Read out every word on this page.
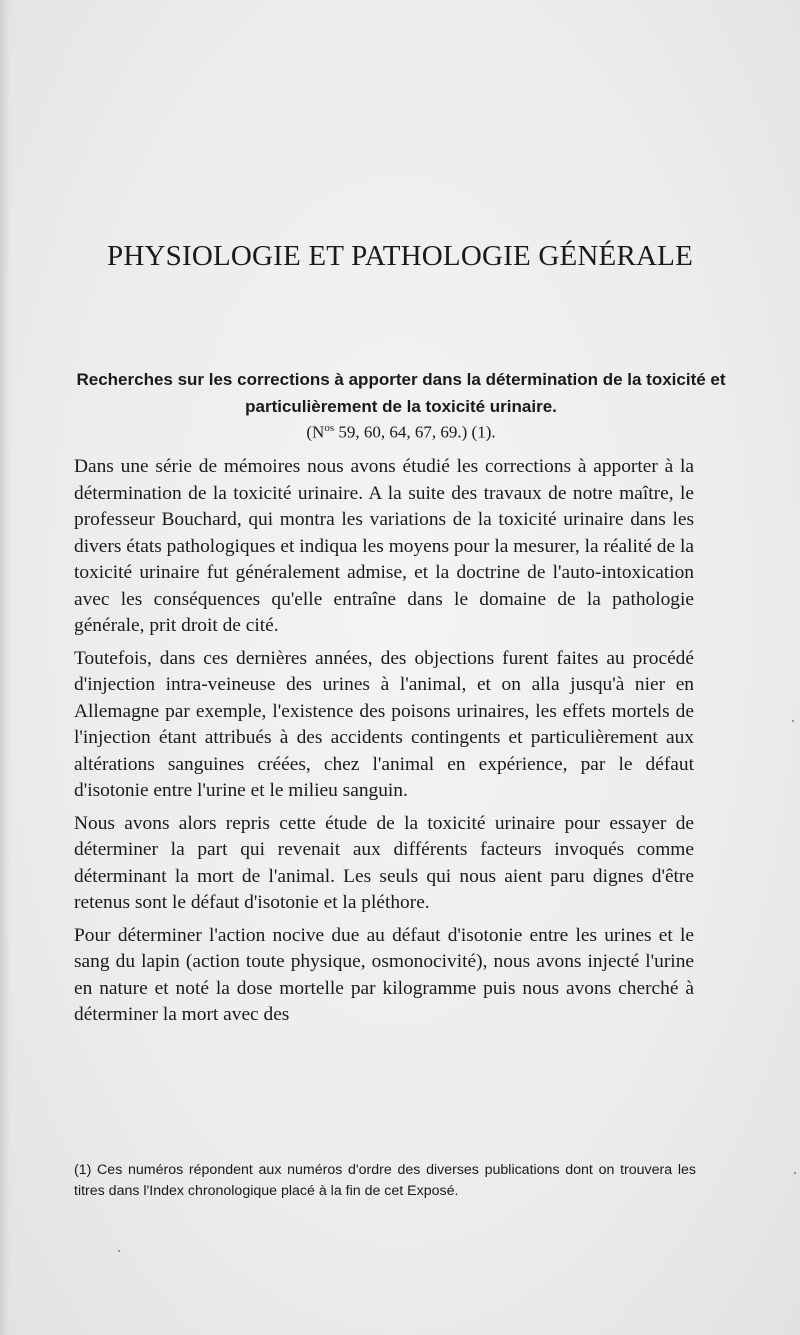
PHYSIOLOGIE ET PATHOLOGIE GÉNÉRALE

Recherches sur les corrections à apporter dans la détermination de la toxicité et particulièrement de la toxicité urinaire.

($N^{os}$ 59, 60, 64, 67, 69.) (1).

Dans une série de mémoires nous avons étudié les corrections à apporter à la détermination de la toxicité urinaire. A la suite des travaux de notre maître, le professeur Bouchard, qui montra les variations de la toxicité urinaire dans les divers états pathologiques et indiqua les moyens pour la mesurer, la réalité de la toxicité urinaire fut généralement admise, et la doctrine de l'auto-intoxication avec les conséquences qu'elle entraîne dans le domaine de la pathologie générale, prit droit de cité.

Toutefois, dans ces dernières années, des objections furent faites au procédé d'injection intra-veineuse des urines à l'animal, et on alla jusqu'à nier en Allemagne par exemple, l'existence des poisons urinaires, les effets mortels de l'injection étant attribués à des accidents contingents et particulièrement aux altérations sanguines créées, chez l'animal en expérience, par le défaut d'isotonie entre l'urine et le milieu sanguin.

Nous avons alors repris cette étude de la toxicité urinaire pour essayer de déterminer la part qui revenait aux différents facteurs invoqués comme déterminant la mort de l'animal. Les seuls qui nous aient paru dignes d'être retenus sont le défaut d'isotonie et la pléthore.

Pour déterminer l'action nocive due au défaut d'isotonie entre les urines et le sang du lapin (action toute physique, osmonocivité), nous avons injecté l'urine en nature et noté la dose mortelle par kilogramme puis nous avons cherché à déterminer la mort avec des

(1) Ces numéros répondent aux numéros d'ordre des diverses publications dont on trouvera les titres dans l'Index chronologique placé à la fin de cet Exposé.
